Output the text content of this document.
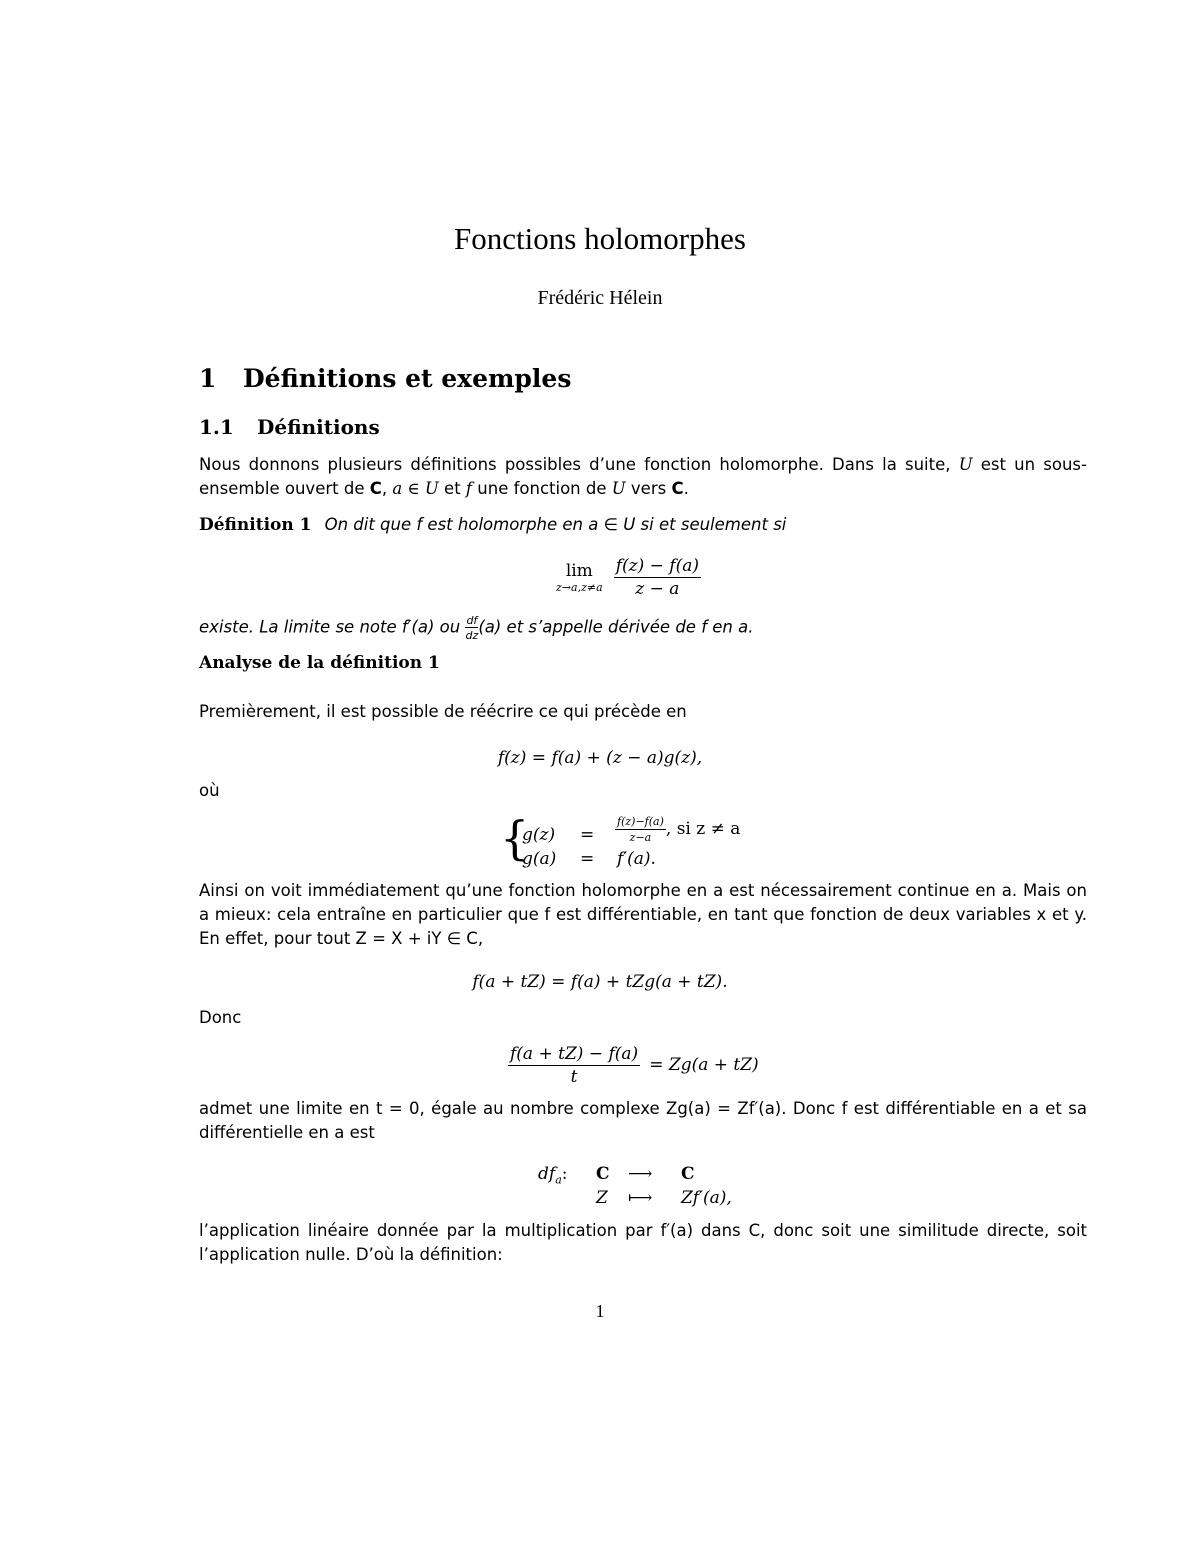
Fonctions holomorphes
Frédéric Hélein
1 Définitions et exemples
1.1 Définitions
Nous donnons plusieurs définitions possibles d’une fonction holomorphe. Dans la suite, U est un sous-ensemble ouvert de C, a ∈ U et f une fonction de U vers C.
Définition 1 On dit que f est holomorphe en a ∈ U si et seulement si
lim
z→a,z≠a
$\frac{f(z) - f(a)}{z - a}$
existe. La limite se note f′(a) ou $\frac{df}{dz} (a)$ et s’appelle dérivée de f en a.
Analyse de la définition 1
Premièrement, il est possible de réécrire ce qui précède en
f(z) = f(a) + (z − a)g(z),
où
{
$g(z) = \frac{f(z)-f(a)}{z-a}$ , si z ≠ a
g(a) = f′(a).
Ainsi on voit immédiatement qu’une fonction holomorphe en a est nécessairement continue en a. Mais on a mieux: cela entraîne en particulier que f est différentiable, en tant que fonction de deux variables x et y. En effet, pour tout Z = X + iY ∈ C,
f(a + tZ) = f(a) + tZg(a + tZ).
Donc
$\frac{f(a + tZ) - f(a)}{t} = Zg(a + tZ)$
admet une limite en t = 0, égale au nombre complexe Zg(a) = Zf′(a). Donc f est différentiable en a et sa différentielle en a est
$df_a$: C ⟶ C
Z ⟼ Zf′(a),
l’application linéaire donnée par la multiplication par f′(a) dans C, donc soit une similitude directe, soit l’application nulle. D’où la définition:
1
